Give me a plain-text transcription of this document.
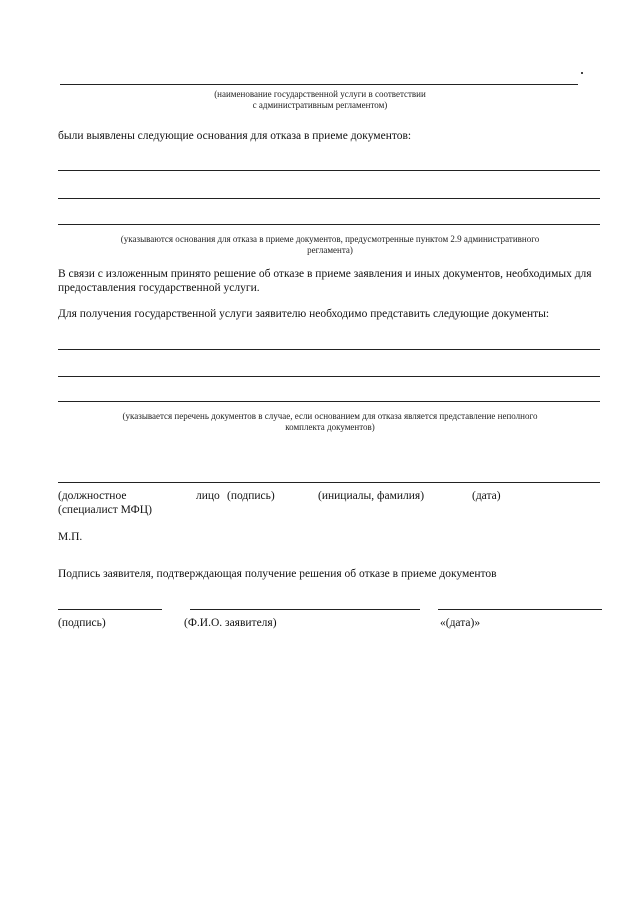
(наименование государственной услуги в соответствии
с административным регламентом)
были выявлены следующие основания для отказа в приеме документов:
(указываются основания для отказа в приеме документов, предусмотренные пунктом 2.9 административного
регламента)
В связи с изложенным принято решение об отказе в приеме заявления и иных документов, необходимых для предоставления государственной услуги.
Для получения государственной услуги заявителю необходимо представить следующие документы:
(указывается перечень документов в случае, если основанием для отказа является представление неполного
комплекта документов)
(должностное	лицо (подпись)	(инициалы, фамилия)	(дата)
(специалист МФЦ)
М.П.
Подпись заявителя, подтверждающая получение решения об отказе в приеме документов
(подпись)	(Ф.И.О. заявителя)	«(дата)»
